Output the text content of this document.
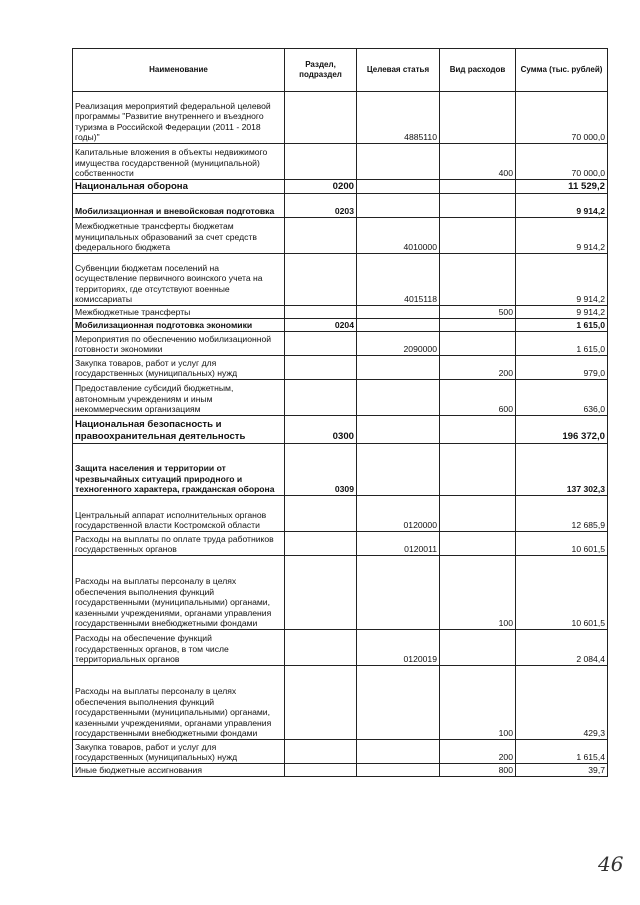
Наименование	Раздел, подраздел	Целевая статья	Вид расходов	Сумма (тыс. рублей)
Реализация мероприятий федеральной целевой программы "Развитие внутреннего и въездного туризма в Российской Федерации (2011 - 2018 годы)"		4885110		70 000,0
Капитальные вложения в объекты недвижимого имущества государственной (муниципальной) собственности			400	70 000,0
Национальная оборона	0200			11 529,2
Мобилизационная и вневойсковая подготовка	0203			9 914,2
Межбюджетные трансферты бюджетам муниципальных образований за счет средств федерального бюджета		4010000		9 914,2
Субвенции бюджетам поселений на осуществление первичного воинского учета на территориях, где отсутствуют военные комиссариаты		4015118		9 914,2
Межбюджетные трансферты			500	9 914,2
Мобилизационная подготовка экономики	0204			1 615,0
Мероприятия по обеспечению мобилизационной готовности экономики		2090000		1 615,0
Закупка товаров, работ и услуг для государственных (муниципальных) нужд			200	979,0
Предоставление субсидий бюджетным, автономным учреждениям и иным некоммерческим организациям			600	636,0
Национальная безопасность и правоохранительная деятельность	0300			196 372,0
Защита населения и территории от чрезвычайных ситуаций природного и техногенного характера, гражданская оборона	0309			137 302,3
Центральный аппарат исполнительных органов государственной власти Костромской области		0120000		12 685,9
Расходы на выплаты по оплате труда работников государственных органов		0120011		10 601,5
Расходы на выплаты персоналу в целях обеспечения выполнения функций государственными (муниципальными) органами, казенными учреждениями, органами управления государственными внебюджетными фондами			100	10 601,5
Расходы на обеспечение функций государственных органов, в том числе территориальных органов		0120019		2 084,4
Расходы на выплаты персоналу в целях обеспечения выполнения функций государственными (муниципальными) органами, казенными учреждениями, органами управления государственными внебюджетными фондами			100	429,3
Закупка товаров, работ и услуг для государственных (муниципальных) нужд			200	1 615,4
Иные бюджетные ассигнования			800	39,7
46
